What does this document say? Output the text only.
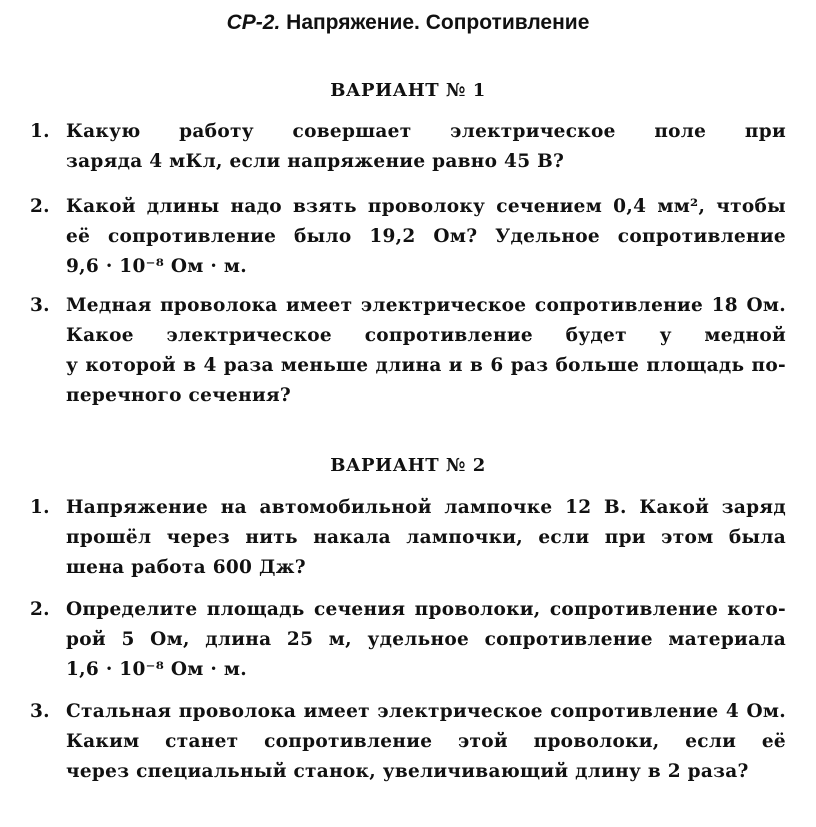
СР-2. Напряжение. Сопротивление
ВАРИАНТ № 1
1. Какую работу совершает электрическое поле при
заряда 4 мКл, если напряжение равно 45 В?
2. Какой длины надо взять проволоку сечением 0,4 мм², чтобы
её сопротивление было 19,2 Ом? Удельное сопротивление
9,6 · 10⁻⁸ Ом · м.
3. Медная проволока имеет электрическое сопротивление 18 Ом.
Какое электрическое сопротивление будет у медной
у которой в 4 раза меньше длина и в 6 раз больше площадь по-
перечного сечения?
ВАРИАНТ № 2
1. Напряжение на автомобильной лампочке 12 В. Какой заряд
прошёл через нить накала лампочки, если при этом была
шена работа 600 Дж?
2. Определите площадь сечения проволоки, сопротивление кото-
рой 5 Ом, длина 25 м, удельное сопротивление материала
1,6 · 10⁻⁸ Ом · м.
3. Стальная проволока имеет электрическое сопротивление 4 Ом.
Каким станет сопротивление этой проволоки, если её
через специальный станок, увеличивающий длину в 2 раза?
